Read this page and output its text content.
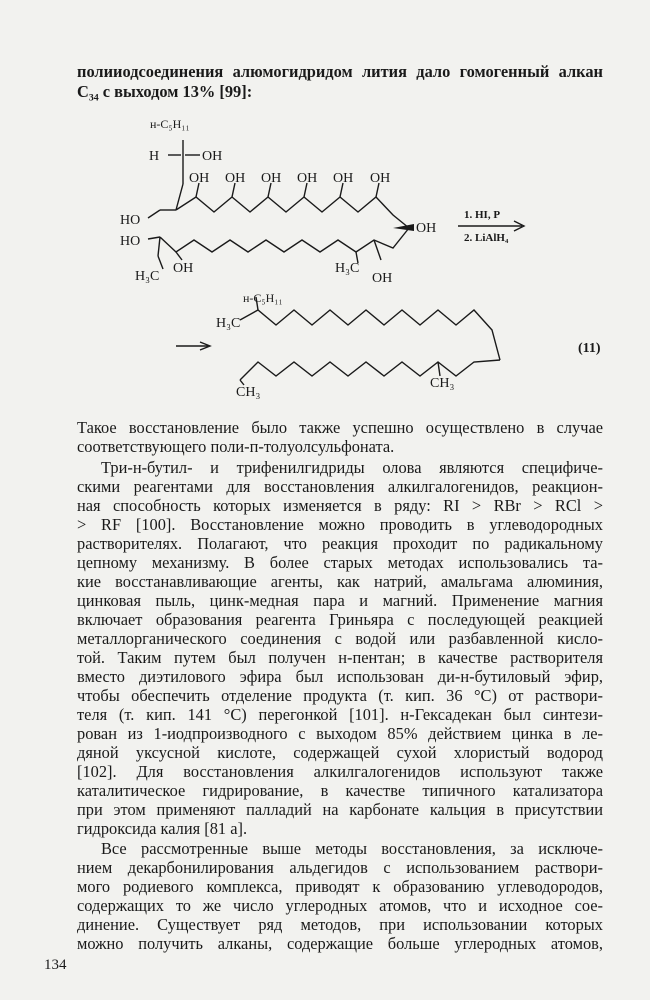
полииодсоединения алюмогидридом лития дало гомогенный алкан
C₃₄ с выходом 13% [99]:
н-C₅H₁₁
H	OH
OH OH OH OH OH OH
HO
HO
OH
H₃C
OH	H₃C
OH
1. HI, P
2. LiAlH₄
н-C₅H₁₁
H₃C
CH₃
CH₃
(11)
Такое восстановление было также успешно осуществлено в случае
соответствующего поли-п-толуолсульфоната.
Три-н-бутил- и трифенилгидриды олова являются специфиче-
скими реагентами для восстановления алкилгалогенидов, реакцион-
ная способность которых изменяется в ряду: RI > RBr > RCl >
> RF [100]. Восстановление можно проводить в углеводородных
растворителях. Полагают, что реакция проходит по радикальному
цепному механизму. В более старых методах использовались та-
кие восстанавливающие агенты, как натрий, амальгама алюминия,
цинковая пыль, цинк-медная пара и магний. Применение магния
включает образования реагента Гриньяра с последующей реакцией
металлорганического соединения с водой или разбавленной кисло-
той. Таким путем был получен н-пентан; в качестве растворителя
вместо диэтилового эфира был использован ди-н-бутиловый эфир,
чтобы обеспечить отделение продукта (т. кип. 36 °C) от раствори-
теля (т. кип. 141 °C) перегонкой [101]. н-Гексадекан был синтези-
рован из 1-иодпроизводного с выходом 85% действием цинка в ле-
дяной уксусной кислоте, содержащей сухой хлористый водород
[102]. Для восстановления алкилгалогенидов используют также
каталитическое гидрирование, в качестве типичного катализатора
при этом применяют палладий на карбонате кальция в присутствии
гидроксида калия [81 а].
Все рассмотренные выше методы восстановления, за исключе-
нием декарбонилирования альдегидов с использованием раствори-
мого родиевого комплекса, приводят к образованию углеводородов,
содержащих то же число углеродных атомов, что и исходное сое-
динение. Существует ряд методов, при использовании которых
можно получить алканы, содержащие больше углеродных атомов,
134
